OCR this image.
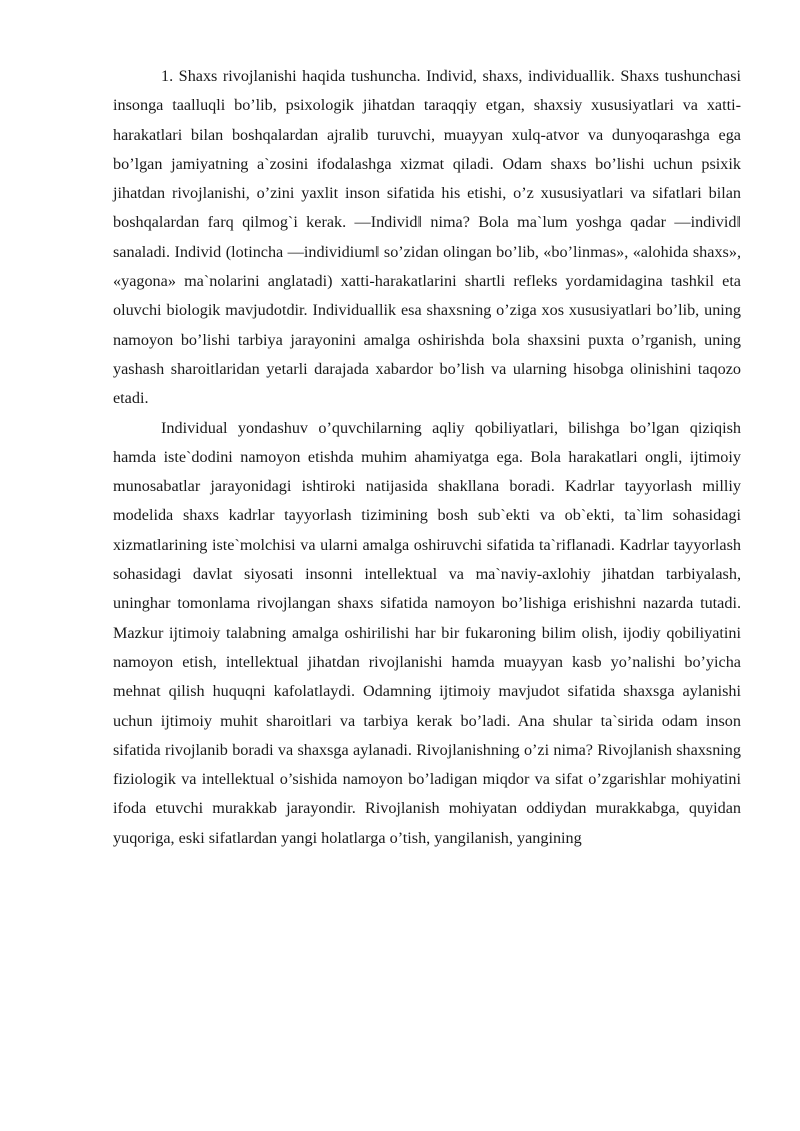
1. Shaxs rivojlanishi haqida tushuncha. Individ, shaxs, individuallik. Shaxs tushunchasi insonga taalluqli bo’lib, psixologik jihatdan taraqqiy etgan, shaxsiy xususiyatlari va xatti-harakatlari bilan boshqalardan ajralib turuvchi, muayyan xulq-atvor va dunyoqarashga ega bo’lgan jamiyatning a`zosini ifodalashga xizmat qiladi. Odam shaxs bo’lishi uchun psixik jihatdan rivojlanishi, o’zini yaxlit inson sifatida his etishi, o’z xususiyatlari va sifatlari bilan boshqalardan farq qilmog`i kerak. ―Individ‖ nima? Bola ma`lum yoshga qadar ―individ‖ sanaladi. Individ (lotincha ―individium‖ so’zidan olingan bo’lib, «bo’linmas», «alohida shaxs», «yagona» ma`nolarini anglatadi) xatti-harakatlarini shartli refleks yordamidagina tashkil eta oluvchi biologik mavjudotdir. Individuallik esa shaxsning o’ziga xos xususiyatlari bo’lib, uning namoyon bo’lishi tarbiya jarayonini amalga oshirishda bola shaxsini puxta o’rganish, uning yashash sharoitlaridan yetarli darajada xabardor bo’lish va ularning hisobga olinishini taqozo etadi.

Individual yondashuv o’quvchilarning aqliy qobiliyatlari, bilishga bo’lgan qiziqish hamda iste`dodini namoyon etishda muhim ahamiyatga ega. Bola harakatlari ongli, ijtimoiy munosabatlar jarayonidagi ishtiroki natijasida shakllana boradi. Kadrlar tayyorlash milliy modelida shaxs kadrlar tayyorlash tizimining bosh sub`ekti va ob`ekti, ta`lim sohasidagi xizmatlarining iste`molchisi va ularni amalga oshiruvchi sifatida ta`riflanadi. Kadrlar tayyorlash sohasidagi davlat siyosati insonni intellektual va ma`naviy-axlohiy jihatdan tarbiyalash, uninghar tomonlama rivojlangan shaxs sifatida namoyon bo’lishiga erishishni nazarda tutadi. Mazkur ijtimoiy talabning amalga oshirilishi har bir fukaroning bilim olish, ijodiy qobiliyatini namoyon etish, intellektual jihatdan rivojlanishi hamda muayyan kasb yo’nalishi bo’yicha mehnat qilish huquqni kafolatlaydi. Odamning ijtimoiy mavjudot sifatida shaxsga aylanishi uchun ijtimoiy muhit sharoitlari va tarbiya kerak bo’ladi. Ana shular ta`sirida odam inson sifatida rivojlanib boradi va shaxsga aylanadi. Rivojlanishning o’zi nima? Rivojlanish shaxsning fiziologik va intellektual o’sishida namoyon bo’ladigan miqdor va sifat o’zgarishlar mohiyatini ifoda etuvchi murakkab jarayondir. Rivojlanish mohiyatan oddiydan murakkabga, quyidan yuqoriga, eski sifatlardan yangi holatlarga o’tish, yangilanish, yangining
